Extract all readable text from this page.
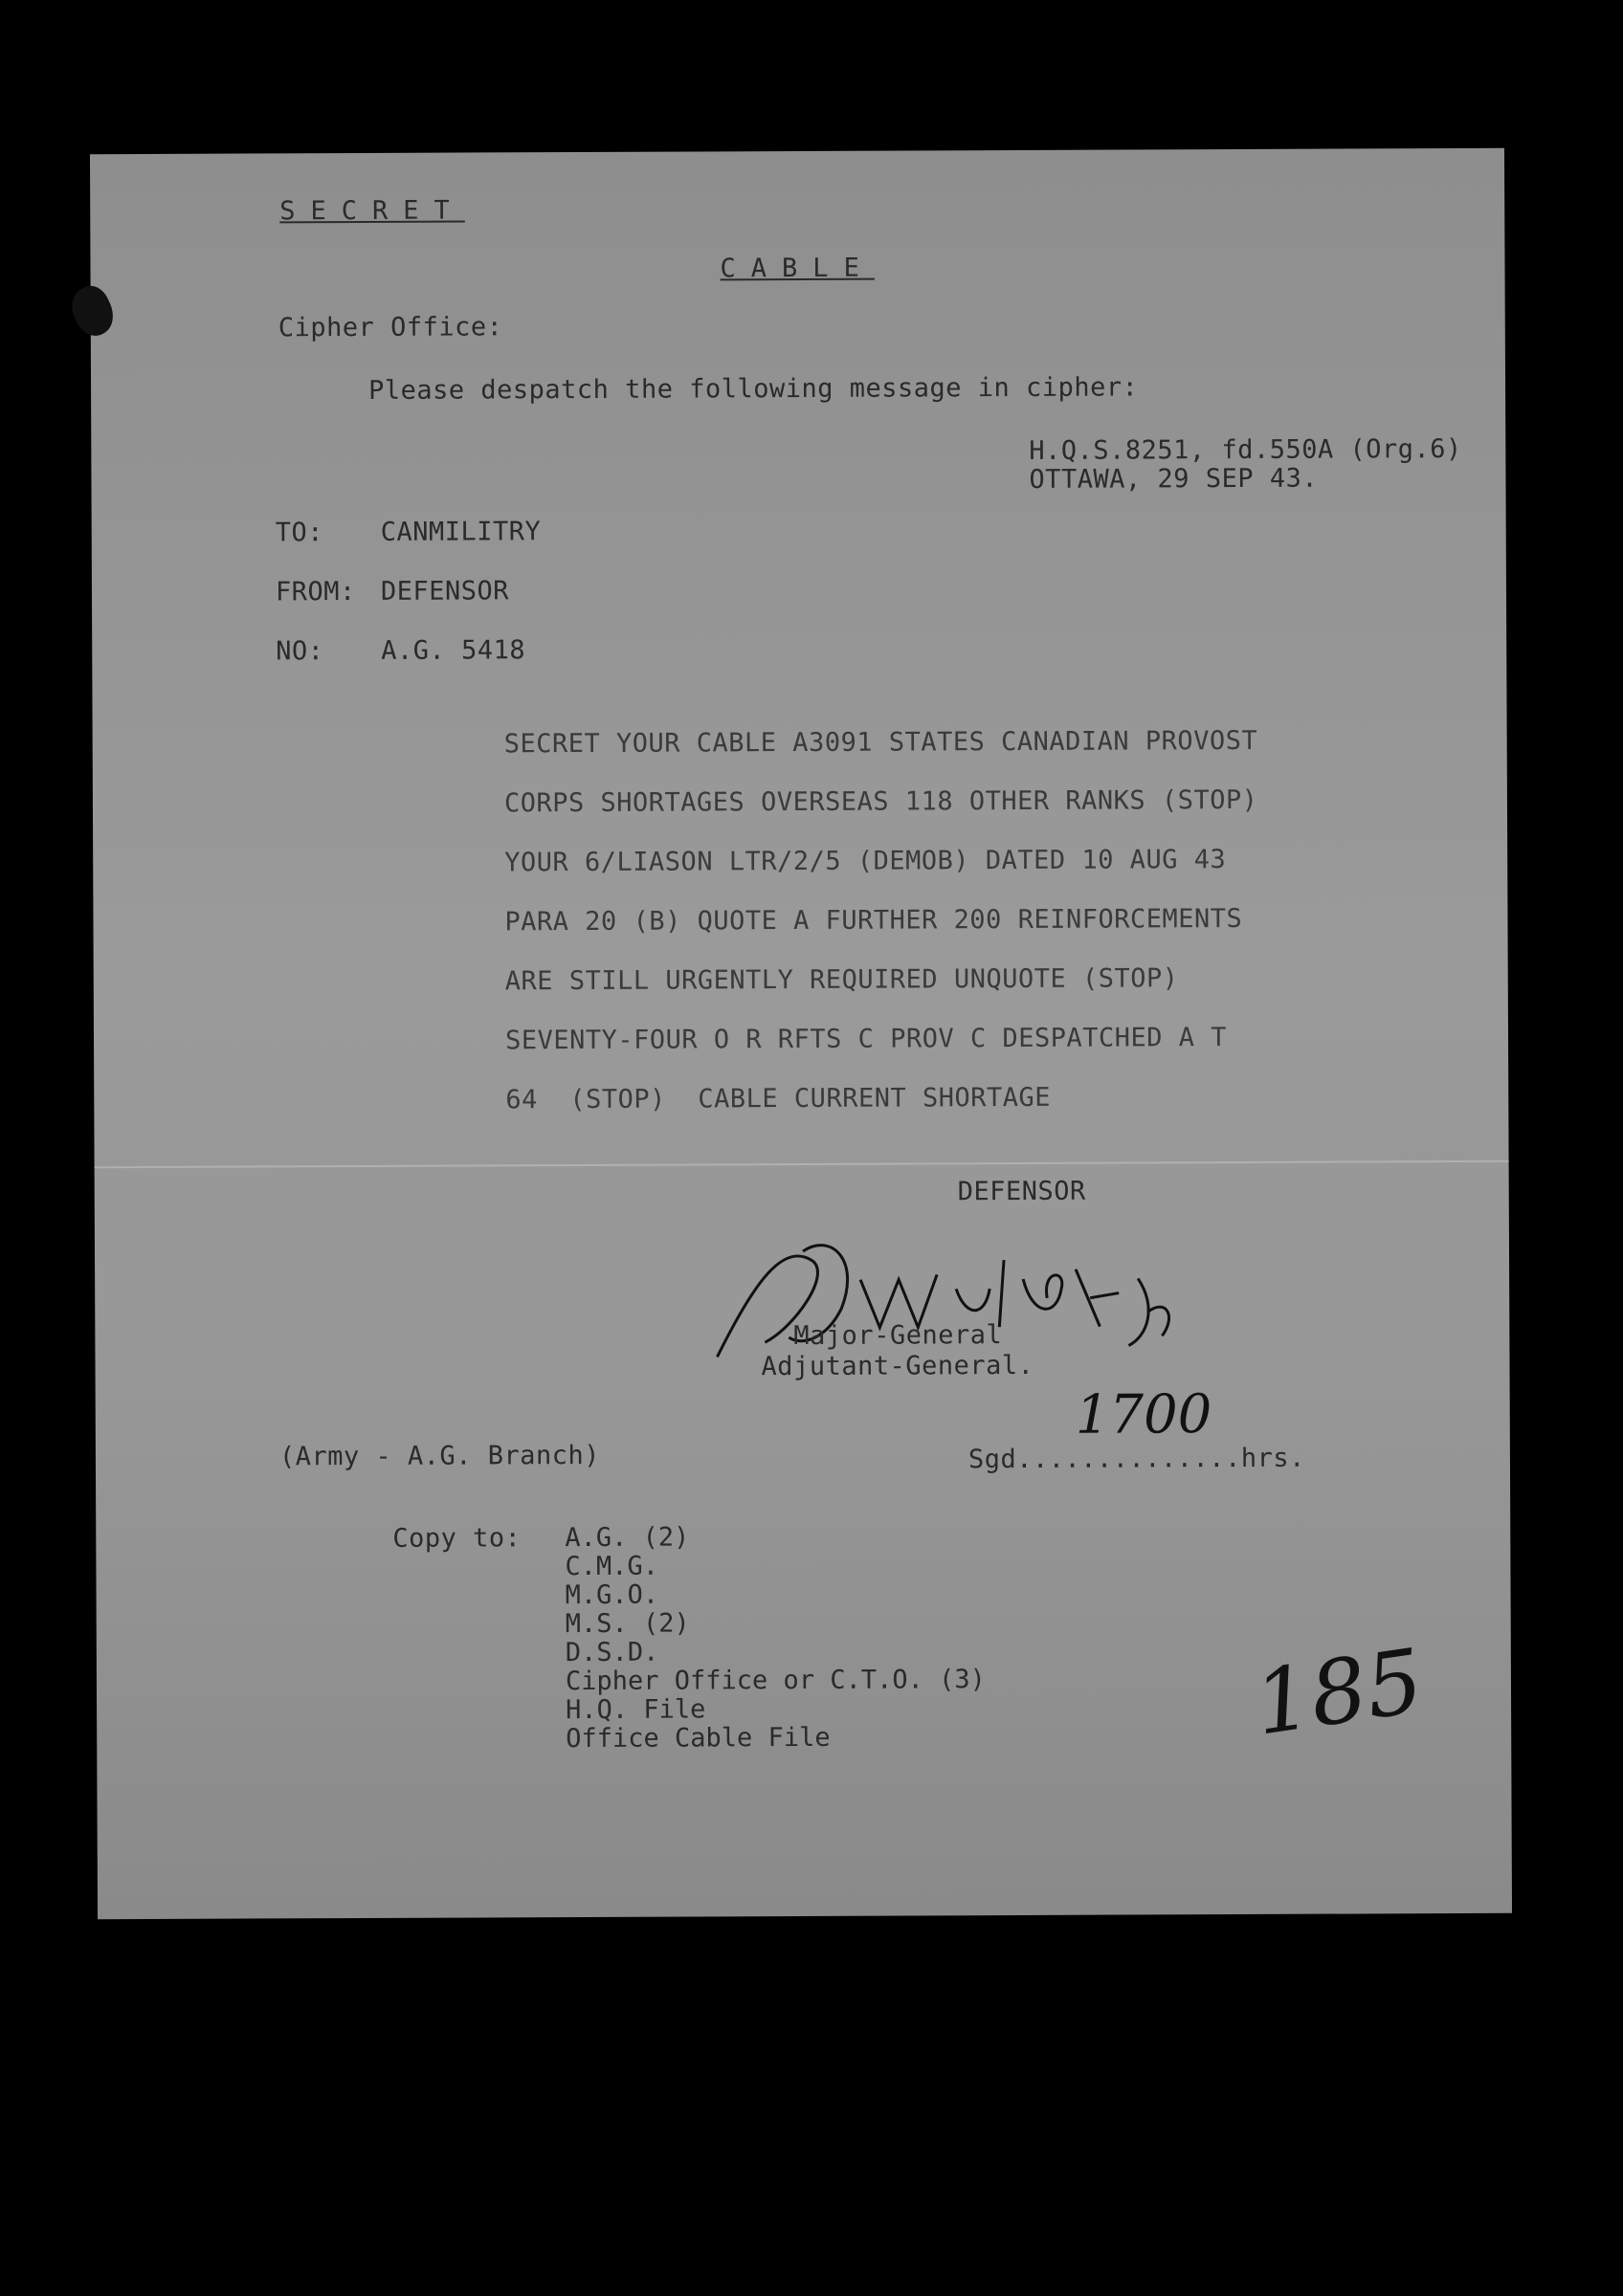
SECRET
CABLE
Cipher Office:
Please despatch the following message in cipher:
H.Q.S.8251, fd.550A (Org.6)
OTTAWA, 29 SEP 43.
TO: CANMILITRY
FROM: DEFENSOR
NO: A.G. 5418
SECRET YOUR CABLE A3091 STATES CANADIAN PROVOST
CORPS SHORTAGES OVERSEAS 118 OTHER RANKS (STOP)
YOUR 6/LIASON LTR/2/5 (DEMOB) DATED 10 AUG 43
PARA 20 (B) QUOTE A FURTHER 200 REINFORCEMENTS
ARE STILL URGENTLY REQUIRED UNQUOTE (STOP)
SEVENTY-FOUR O R RFTS C PROV C DESPATCHED A T
64  (STOP)  CABLE CURRENT SHORTAGE
DEFENSOR
Major-General
Adjutant-General.
(Army - A.G. Branch)	Sgd..............hrs.
1700
Copy to: A.G. (2)
C.M.G.
M.G.O.
M.S. (2)
D.S.D.
Cipher Office or C.T.O. (3)
H.Q. File
Office Cable File	185
